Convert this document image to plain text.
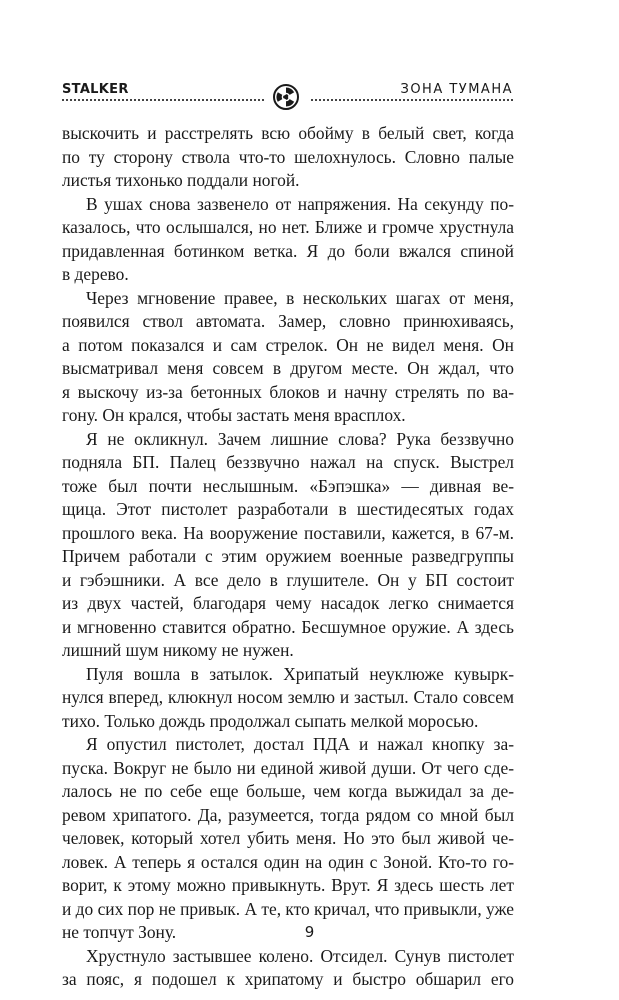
STALKER	ЗОНА ТУМАНА

выскочить и расстрелять всю обойму в белый свет, когда
по ту сторону ствола что-то шелохнулось. Словно палые
листья тихонько поддали ногой.

В ушах снова зазвенело от напряжения. На секунду по-
казалось, что ослышался, но нет. Ближе и громче хрустнула
придавленная ботинком ветка. Я до боли вжался спиной
в дерево.

Через мгновение правее, в нескольких шагах от меня,
появился ствол автомата. Замер, словно принюхиваясь,
а потом показался и сам стрелок. Он не видел меня. Он
высматривал меня совсем в другом месте. Он ждал, что
я выскочу из-за бетонных блоков и начну стрелять по ва-
гону. Он крался, чтобы застать меня врасплох.

Я не окликнул. Зачем лишние слова? Рука беззвучно
подняла БП. Палец беззвучно нажал на спуск. Выстрел
тоже был почти неслышным. «Бэпэшка» — дивная ве-
щица. Этот пистолет разработали в шестидесятых годах
прошлого века. На вооружение поставили, кажется, в 67-м.
Причем работали с этим оружием военные разведгруппы
и гэбэшники. А все дело в глушителе. Он у БП состоит
из двух частей, благодаря чему насадок легко снимается
и мгновенно ставится обратно. Бесшумное оружие. А здесь
лишний шум никому не нужен.

Пуля вошла в затылок. Хрипатый неуклюже кувырк-
нулся вперед, клюкнул носом землю и застыл. Стало совсем
тихо. Только дождь продолжал сыпать мелкой моросью.

Я опустил пистолет, достал ПДА и нажал кнопку за-
пуска. Вокруг не было ни единой живой души. От чего сде-
лалось не по себе еще больше, чем когда выжидал за де-
ревом хрипатого. Да, разумеется, тогда рядом со мной был
человек, который хотел убить меня. Но это был живой че-
ловек. А теперь я остался один на один с Зоной. Кто-то го-
ворит, к этому можно привыкнуть. Врут. Я здесь шесть лет
и до сих пор не привык. А те, кто кричал, что привыкли, уже
не топчут Зону.

Хрустнуло застывшее колено. Отсидел. Сунув пистолет
за пояс, я подошел к хрипатому и быстро обшарил его

9
